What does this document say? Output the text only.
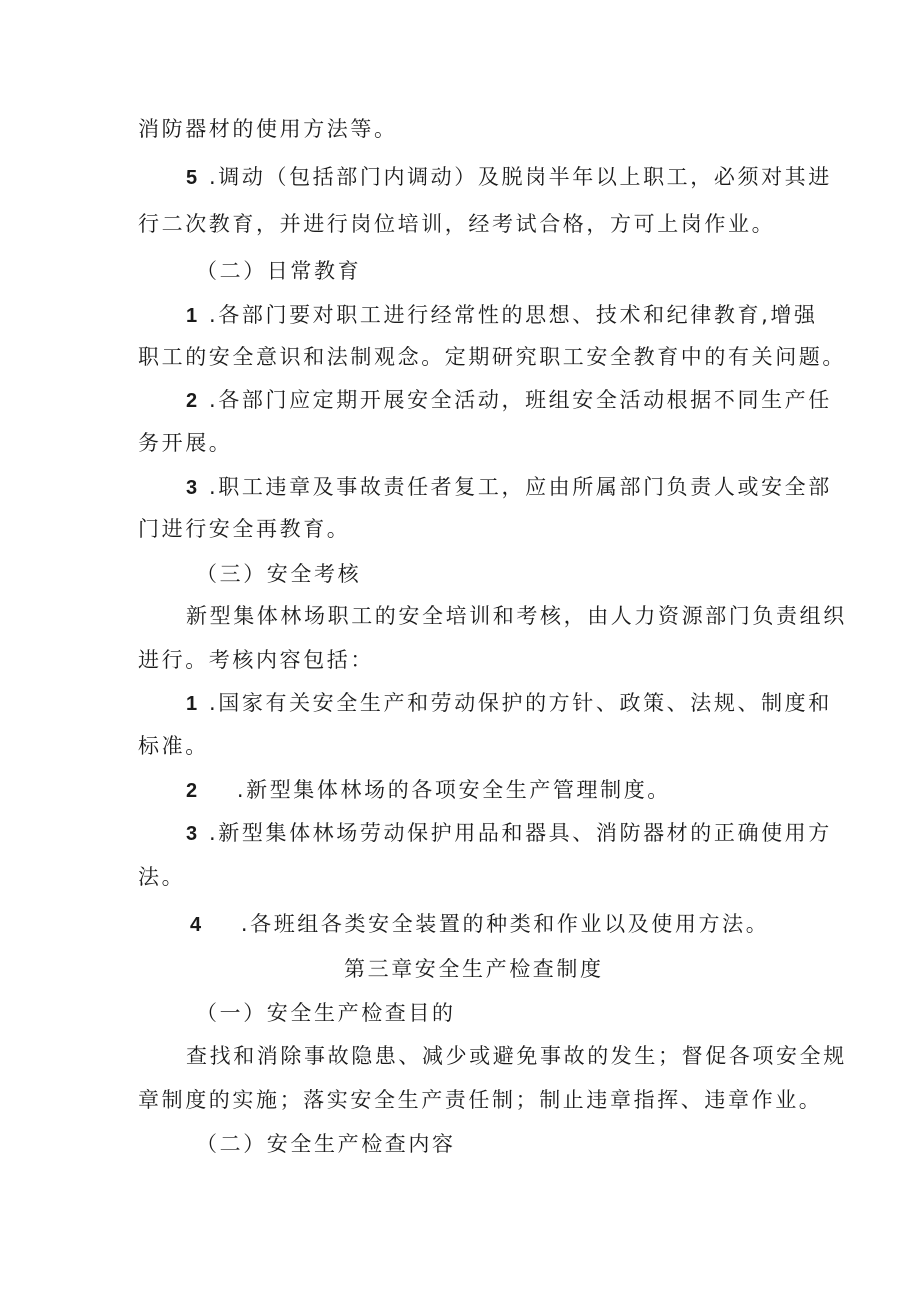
消防器材的使用方法等。
5 .调动（包括部门内调动）及脱岗半年以上职工，必须对其进
行二次教育，并进行岗位培训，经考试合格，方可上岗作业。
（二）日常教育
1 .各部门要对职工进行经常性的思想、技术和纪律教育,增强
职工的安全意识和法制观念。定期研究职工安全教育中的有关问题。
2 .各部门应定期开展安全活动，班组安全活动根据不同生产任
务开展。
3 .职工违章及事故责任者复工，应由所属部门负责人或安全部
门进行安全再教育。
（三）安全考核
新型集体林场职工的安全培训和考核，由人力资源部门负责组织
进行。考核内容包括：
1 .国家有关安全生产和劳动保护的方针、政策、法规、制度和
标准。
2    .新型集体林场的各项安全生产管理制度。
3 .新型集体林场劳动保护用品和器具、消防器材的正确使用方
法。
4    .各班组各类安全装置的种类和作业以及使用方法。
第三章安全生产检查制度
（一）安全生产检查目的
查找和消除事故隐患、减少或避免事故的发生；督促各项安全规
章制度的实施；落实安全生产责任制；制止违章指挥、违章作业。
（二）安全生产检查内容
